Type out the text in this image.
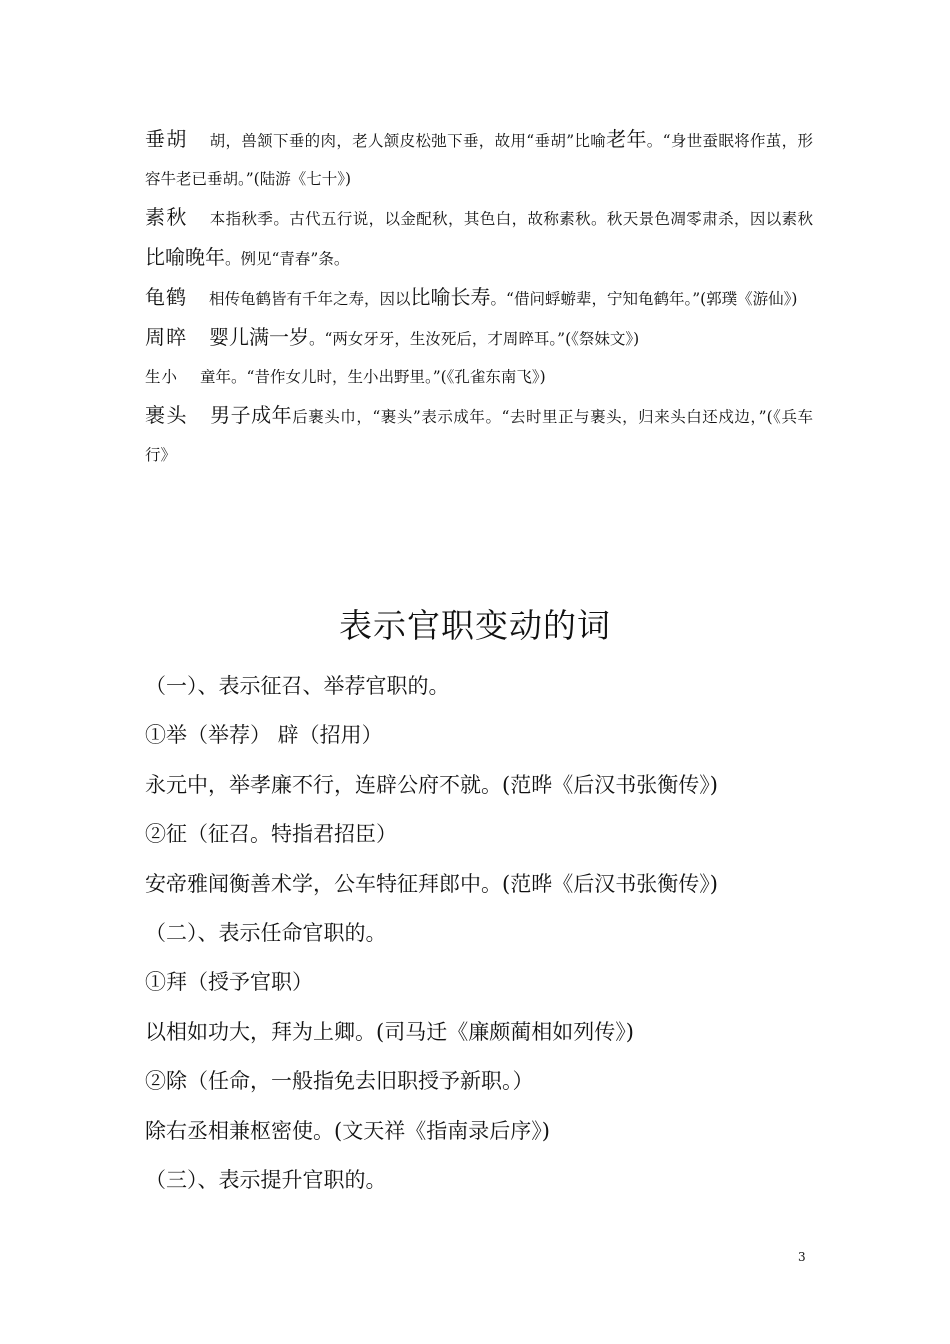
垂胡 胡，兽颔下垂的肉，老人颔皮松弛下垂，故用“垂胡”比喻老年。“身世蚕眠将作茧，形容牛老已垂胡。”(陆游《七十》)
素秋 本指秋季。古代五行说，以金配秋，其色白，故称素秋。秋天景色凋零肃杀，因以素秋比喻晚年。例见“青春”条。
龟鹤 相传龟鹤皆有千年之寿，因以比喻长寿。“借问蜉蝣辈，宁知龟鹤年。”(郭璞《游仙》)
周晬 婴儿满一岁。“两女牙牙，生汝死后，才周晬耳。”(《祭妹文》)
生小 童年。“昔作女儿时，生小出野里。”(《孔雀东南飞》)
裹头 男子成年后裹头巾，“裹头”表示成年。“去时里正与裹头，归来头白还戍边，”(《兵车行》
表示官职变动的词
（一）、表示征召、举荐官职的。
①举（举荐） 辟（招用）
永元中，举孝廉不行，连辟公府不就。(范晔《后汉书张衡传》)
②征（征召。特指君招臣）
安帝雅闻衡善术学，公车特征拜郎中。(范晔《后汉书张衡传》)
（二）、表示任命官职的。
①拜（授予官职）
以相如功大，拜为上卿。(司马迁《廉颇蔺相如列传》)
②除（任命，一般指免去旧职授予新职。）
除右丞相兼枢密使。(文天祥《指南录后序》)
（三）、表示提升官职的。
3
